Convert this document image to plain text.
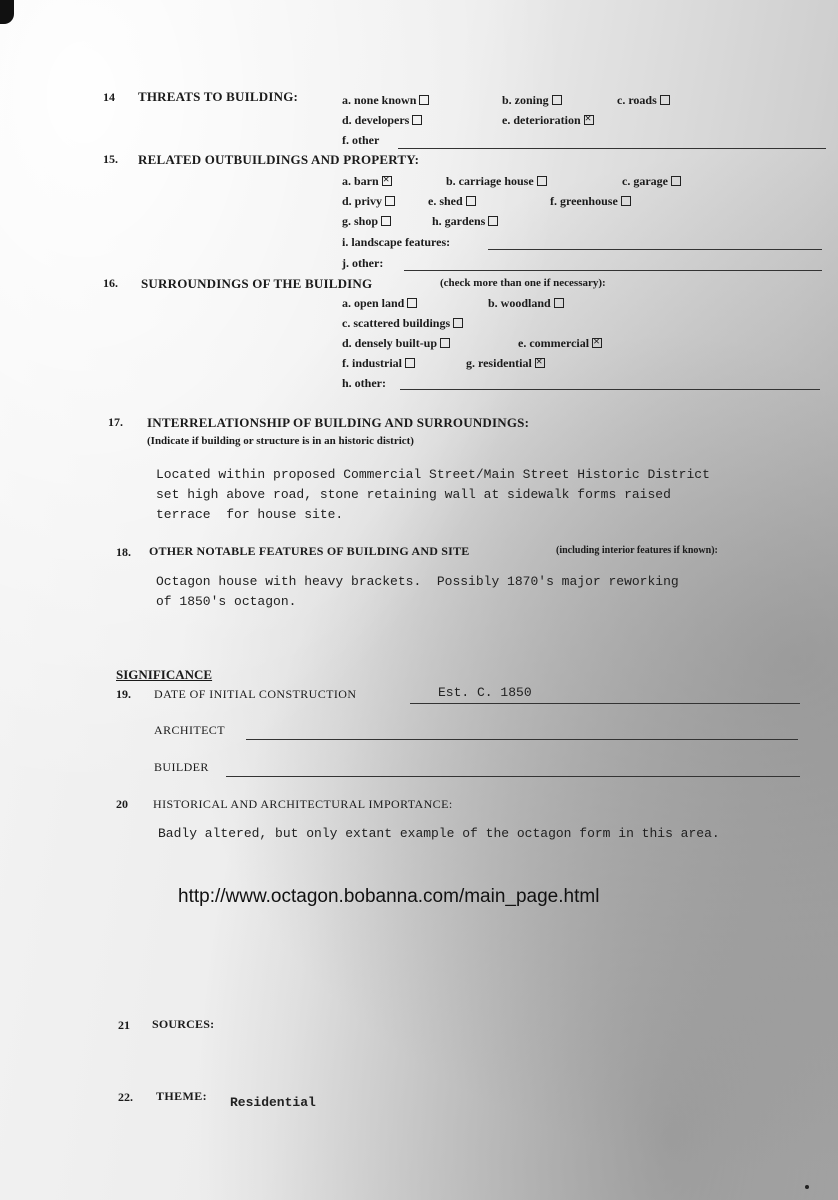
14 THREATS TO BUILDING:	a. none known	b. zoning	c. roads
d. developers	e. deterioration×
f. other
15. RELATED OUTBUILDINGS AND PROPERTY:
a. barn×	b. carriage house	c. garage
d. privy	e. shed	f. greenhouse
g. shop	h. gardens
i. landscape features:
j. other:
16. SURROUNDINGS OF THE BUILDING	(check more than one if necessary):
a. open land	b. woodland
c. scattered buildings
d. densely built-up	e. commercial×
f. industrial	g. residential×
h. other:
17. INTERRELATIONSHIP OF BUILDING AND SURROUNDINGS:
(Indicate if building or structure is in an historic district)
Located within proposed Commercial Street/Main Street Historic District
set high above road, stone retaining wall at sidewalk forms raised
terrace  for house site.
18. OTHER NOTABLE FEATURES OF BUILDING AND SITE	(including interior features if known):
Octagon house with heavy brackets.  Possibly 1870's major reworking
of 1850's octagon.
SIGNIFICANCE
19. DATE OF INITIAL CONSTRUCTION	Est. C. 1850
ARCHITECT
BUILDER
20 HISTORICAL AND ARCHITECTURAL IMPORTANCE:
Badly altered, but only extant example of the octagon form in this area.
http://www.octagon.bobanna.com/main_page.html
21 SOURCES:
22. THEME: Residential
